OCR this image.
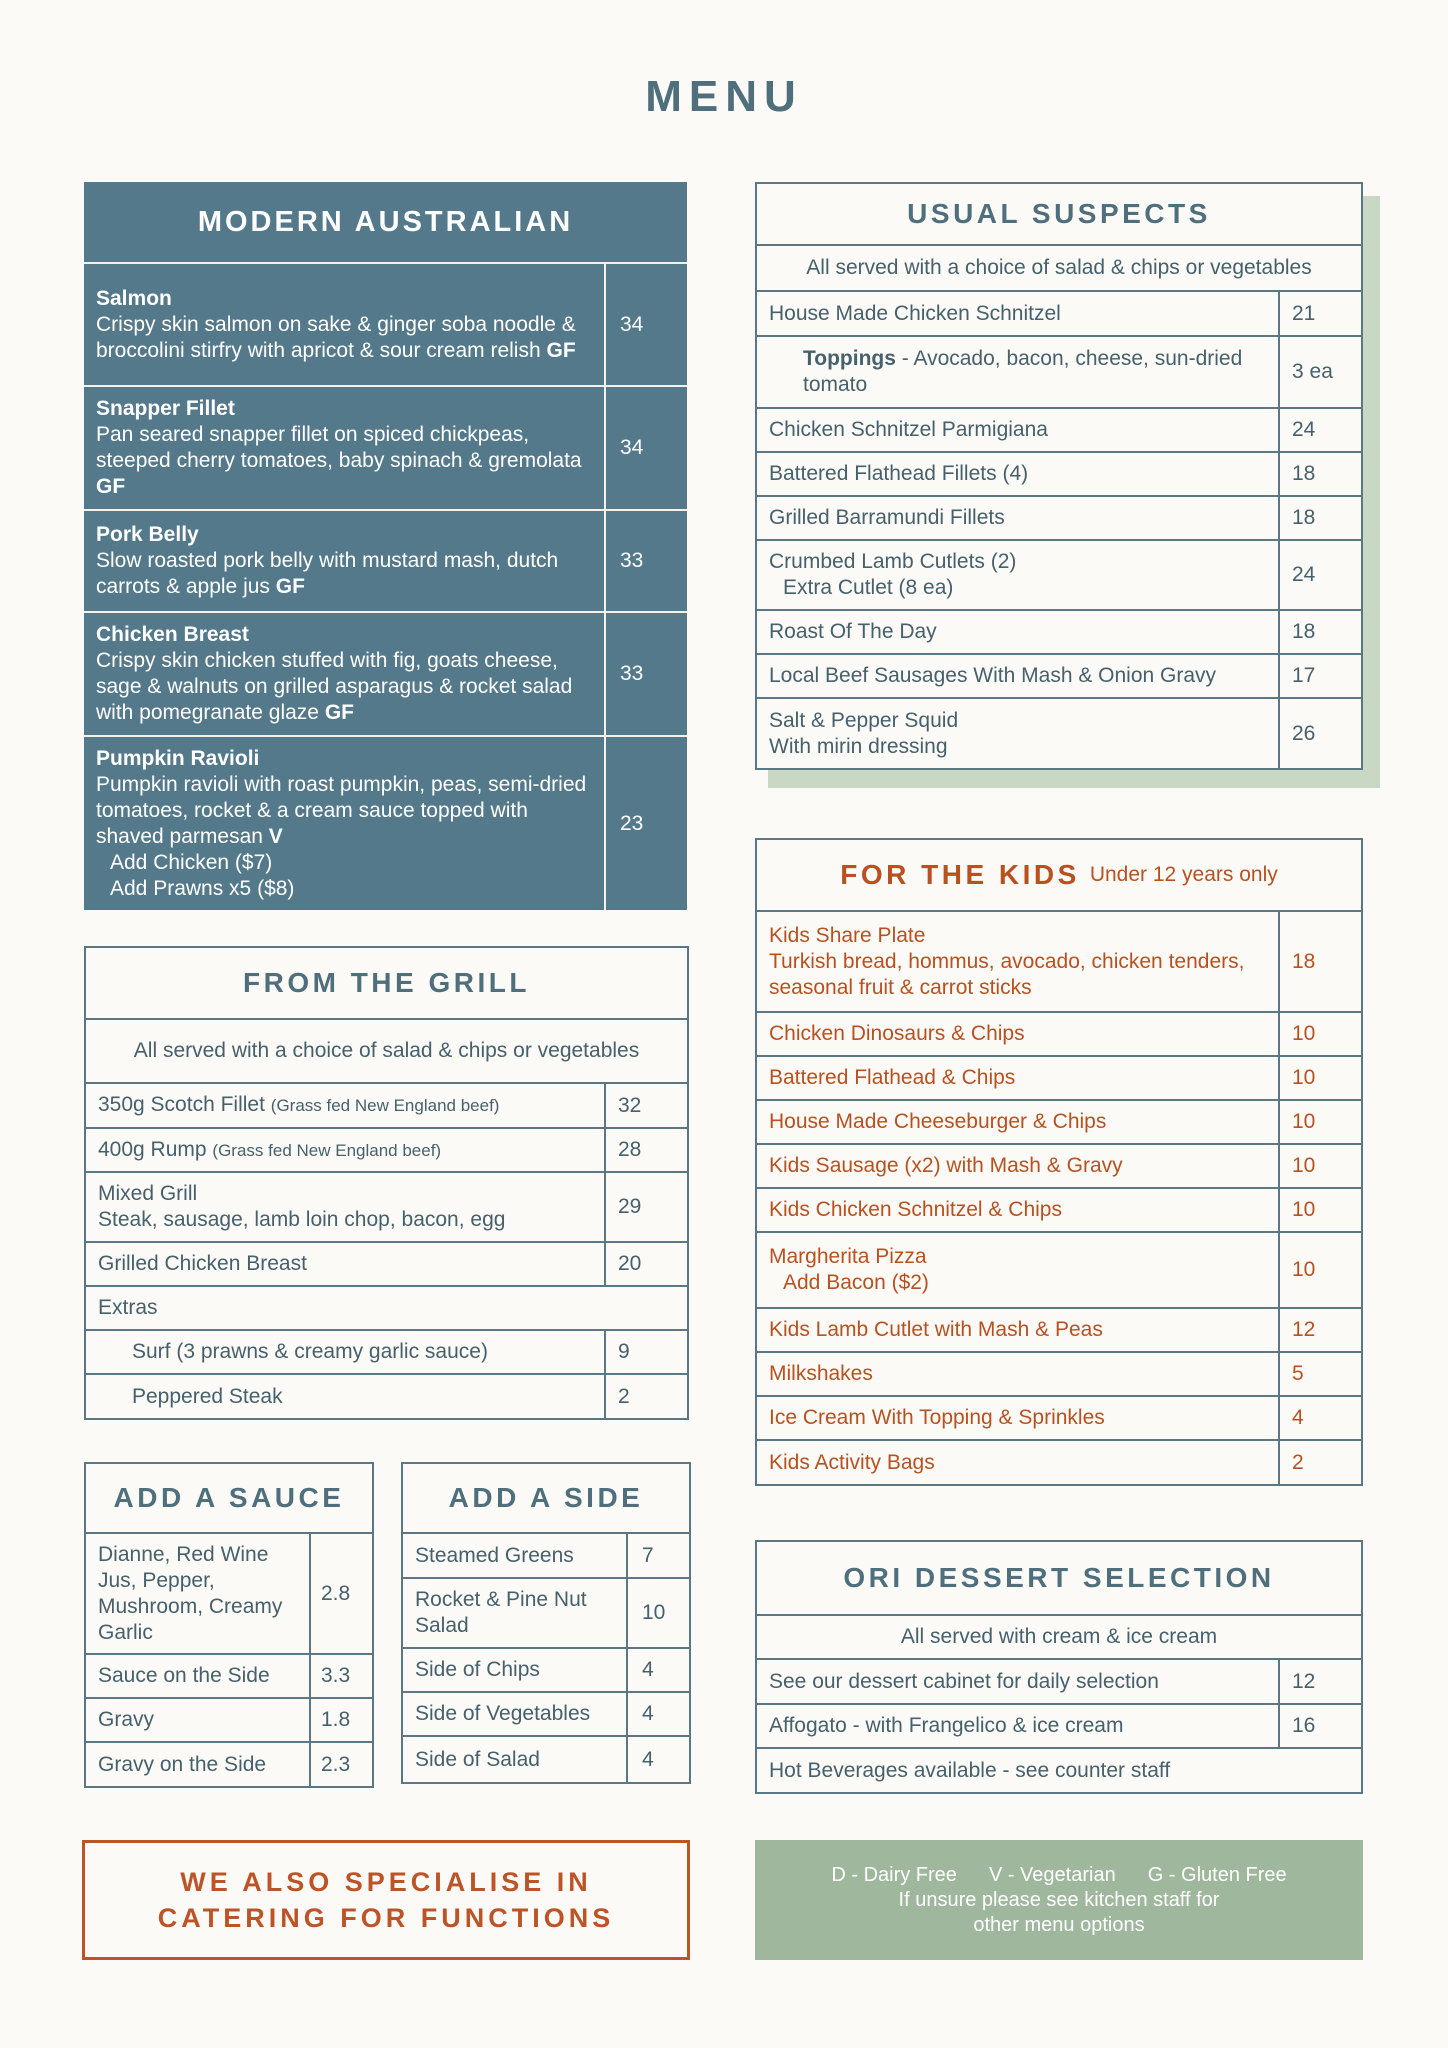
MENU
MODERN AUSTRALIAN
Salmon
Crispy skin salmon on sake & ginger soba noodle & broccolini stirfry with apricot & sour cream relish GF	34
Snapper Fillet
Pan seared snapper fillet on spiced chickpeas, steeped cherry tomatoes, baby spinach & gremolata GF	34
Pork Belly
Slow roasted pork belly with mustard mash, dutch carrots & apple jus GF	33
Chicken Breast
Crispy skin chicken stuffed with fig, goats cheese, sage & walnuts on grilled asparagus & rocket salad with pomegranate glaze GF	33
Pumpkin Ravioli
Pumpkin ravioli with roast pumpkin, peas, semi-dried tomatoes, rocket & a cream sauce topped with shaved parmesan V

Add Chicken ($7)
Add Prawns x5 ($8)	23
FROM THE GRILL
All served with a choice of salad & chips or vegetables
350g Scotch Fillet (Grass fed New England beef)	32
400g Rump (Grass fed New England beef)	28
Mixed Grill
Steak, sausage, lamb loin chop, bacon, egg	29
Grilled Chicken Breast	20
Extras	
Surf (3 prawns & creamy garlic sauce)	9
Peppered Steak	2
ADD A SAUCE
Dianne, Red Wine Jus, Pepper, Mushroom, Creamy Garlic	2.8
Sauce on the Side	3.3
Gravy	1.8
Gravy on the Side	2.3
ADD A SIDE
Steamed Greens	7
Rocket & Pine Nut Salad	10
Side of Chips	4
Side of Vegetables	4
Side of Salad	4
USUAL SUSPECTS
All served with a choice of salad & chips or vegetables
House Made Chicken Schnitzel	21
Toppings - Avocado, bacon, cheese, sun-dried tomato	3 ea
Chicken Schnitzel Parmigiana	24
Battered Flathead Fillets (4)	18
Grilled Barramundi Fillets	18
Crumbed Lamb Cutlets (2)
Extra Cutlet (8 ea)	24
Roast Of The Day	18
Local Beef Sausages With Mash & Onion Gravy	17
Salt & Pepper Squid
With mirin dressing	26
FOR THE KIDS Under 12 years only
Kids Share Plate
Turkish bread, hommus, avocado, chicken tenders, seasonal fruit & carrot sticks	18
Chicken Dinosaurs & Chips	10
Battered Flathead & Chips	10
House Made Cheeseburger & Chips	10
Kids Sausage (x2) with Mash & Gravy	10
Kids Chicken Schnitzel & Chips	10
Margherita Pizza
Add Bacon ($2)	10
Kids Lamb Cutlet with Mash & Peas	12
Milkshakes	5
Ice Cream With Topping & Sprinkles	4
Kids Activity Bags	2
ORI DESSERT SELECTION
All served with cream & ice cream
See our dessert cabinet for daily selection	12
Affogato - with Frangelico & ice cream	16
Hot Beverages available - see counter staff	
WE ALSO SPECIALISE IN
CATERING FOR FUNCTIONS
D - Dairy Free V - Vegetarian G - Gluten Free
If unsure please see kitchen staff for
other menu options
